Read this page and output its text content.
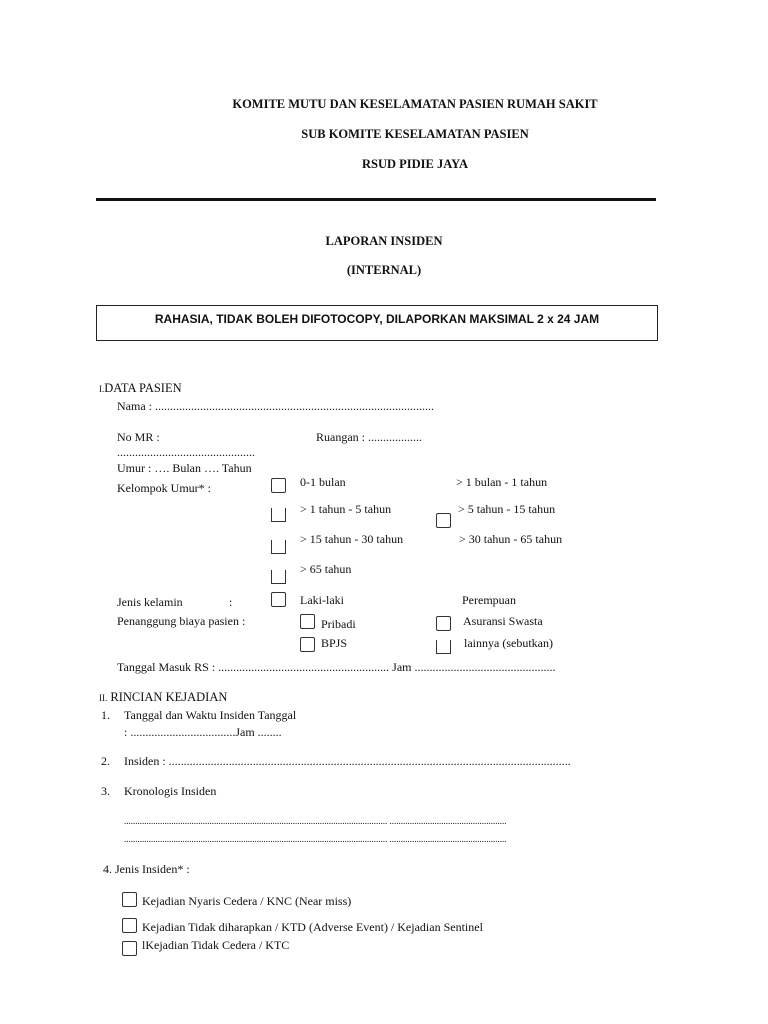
KOMITE MUTU DAN KESELAMATAN PASIEN RUMAH SAKIT
SUB KOMITE KESELAMATAN PASIEN
RSUD PIDIE JAYA
LAPORAN INSIDEN
(INTERNAL)
RAHASIA, TIDAK BOLEH DIFOTOCOPY, DILAPORKAN MAKSIMAL 2 x 24 JAM
I.DATA PASIEN
Nama : .............................................................................................
No MR :	Ruangan : ..................
..............................................
Umur : …. Bulan …. Tahun
Kelompok Umur* :	0-1 bulan	> 1 bulan - 1 tahun
> 1 tahun - 5 tahun	> 5 tahun - 15 tahun
> 15 tahun - 30 tahun	> 30 tahun - 65 tahun
> 65 tahun
Jenis kelamin	:	Laki-laki	Perempuan
Penanggung biaya pasien :	Pribadi	Asuransi Swasta
BPJS	lainnya (sebutkan)
Tanggal Masuk RS : ......................................................... Jam ...............................................
II. RINCIAN KEJADIAN
1. Tanggal dan Waktu Insiden Tanggal
: ...................................Jam ........
2. Insiden : ......................................................................................................................................
3. Kronologis Insiden
..................................................................................................................... ....................................................
..................................................................................................................... ....................................................
4. Jenis Insiden* :
Kejadian Nyaris Cedera / KNC (Near miss)
Kejadian Tidak diharapkan / KTD (Adverse Event) / Kejadian Sentinel
lKejadian Tidak Cedera / KTC
